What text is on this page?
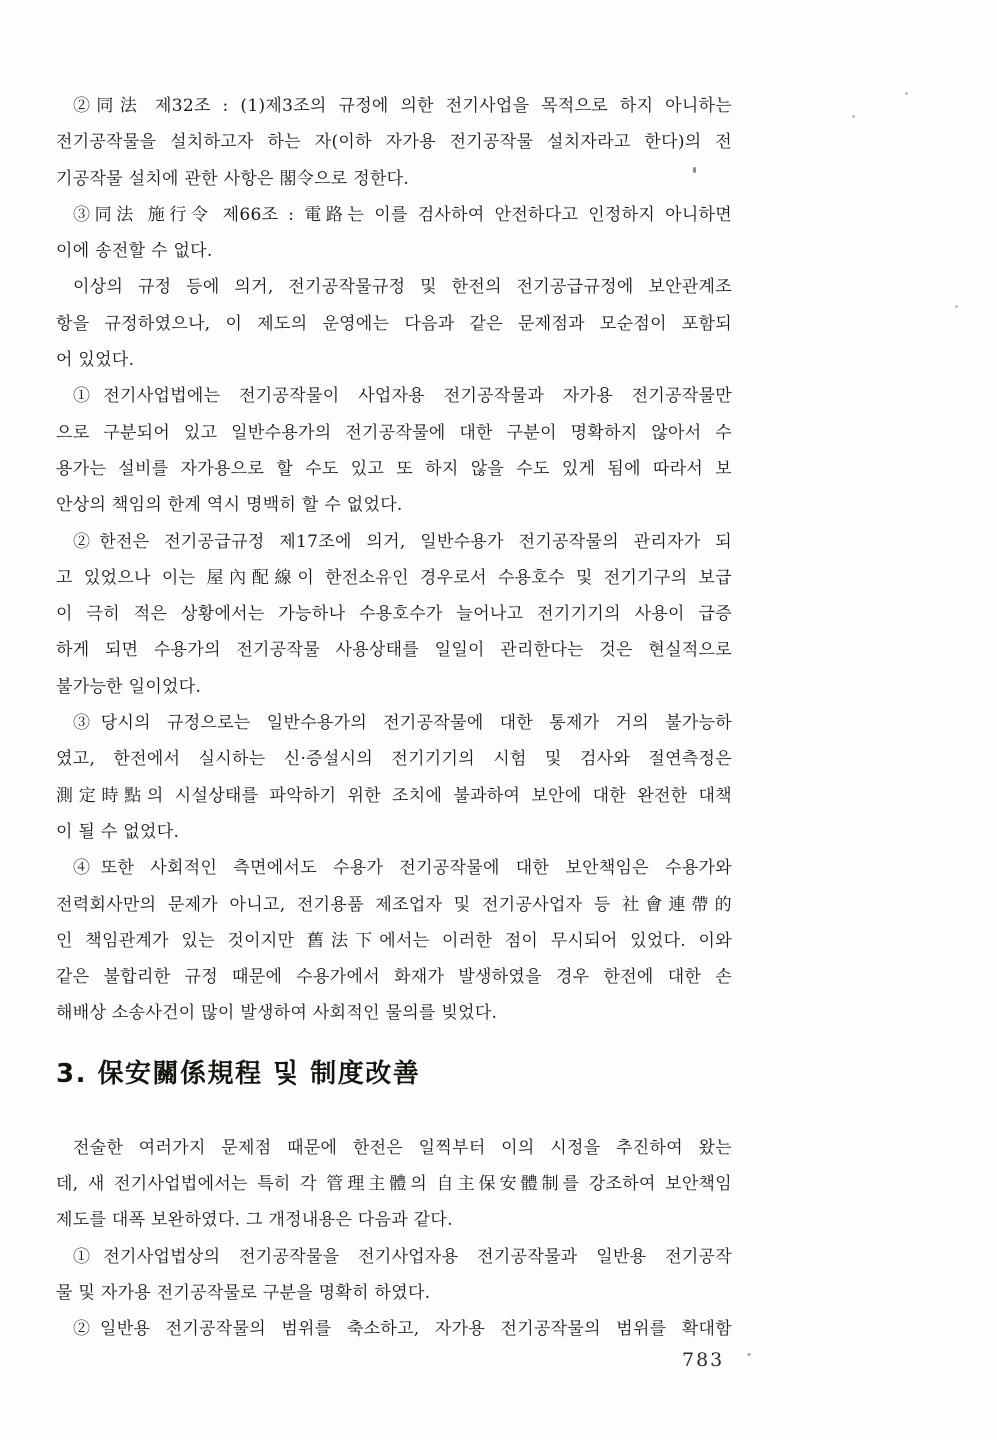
②同法 제32조 : (1)제3조의 규정에 의한 전기사업을 목적으로 하지 아니하는
전기공작물을 설치하고자 하는 자(이하 자가용 전기공작물 설치자라고 한다)의 전
기공작물 설치에 관한 사항은 閣令으로 정한다.

③同法 施行令 제66조 : 電路는 이를 검사하여 안전하다고 인정하지 아니하면
이에 송전할 수 없다.

이상의 규정 등에 의거, 전기공작물규정 및 한전의 전기공급규정에 보안관계조
항을 규정하였으나, 이 제도의 운영에는 다음과 같은 문제점과 모순점이 포함되
어 있었다.

①전기사업법에는 전기공작물이 사업자용 전기공작물과 자가용 전기공작물만
으로 구분되어 있고 일반수용가의 전기공작물에 대한 구분이 명확하지 않아서 수
용가는 설비를 자가용으로 할 수도 있고 또 하지 않을 수도 있게 됨에 따라서 보
안상의 책임의 한계 역시 명백히 할 수 없었다.

②한전은 전기공급규정 제17조에 의거, 일반수용가 전기공작물의 관리자가 되
고 있었으나 이는 屋內配線이 한전소유인 경우로서 수용호수 및 전기기구의 보급
이 극히 적은 상황에서는 가능하나 수용호수가 늘어나고 전기기기의 사용이 급증
하게 되면 수용가의 전기공작물 사용상태를 일일이 관리한다는 것은 현실적으로
불가능한 일이었다.

③당시의 규정으로는 일반수용가의 전기공작물에 대한 통제가 거의 불가능하
였고, 한전에서 실시하는 신·증설시의 전기기기의 시험 및 검사와 절연측정은
測定時點의 시설상태를 파악하기 위한 조치에 불과하여 보안에 대한 완전한 대책
이 될 수 없었다.

④또한 사회적인 측면에서도 수용가 전기공작물에 대한 보안책임은 수용가와
전력회사만의 문제가 아니고, 전기용품 제조업자 및 전기공사업자 등 社會連帶的
인 책임관계가 있는 것이지만 舊法下에서는 이러한 점이 무시되어 있었다. 이와
같은 불합리한 규정 때문에 수용가에서 화재가 발생하였을 경우 한전에 대한 손
해배상 소송사건이 많이 발생하여 사회적인 물의를 빚었다.

3. 保安關係規程 및 制度改善

전술한 여러가지 문제점 때문에 한전은 일찍부터 이의 시정을 추진하여 왔는
데, 새 전기사업법에서는 특히 각 管理主體의 自主保安體制를 강조하여 보안책임
제도를 대폭 보완하였다. 그 개정내용은 다음과 같다.

①전기사업법상의 전기공작물을 전기사업자용 전기공작물과 일반용 전기공작
물 및 자가용 전기공작물로 구분을 명확히 하였다.

②일반용 전기공작물의 범위를 축소하고, 자가용 전기공작물의 범위를 확대함

783
